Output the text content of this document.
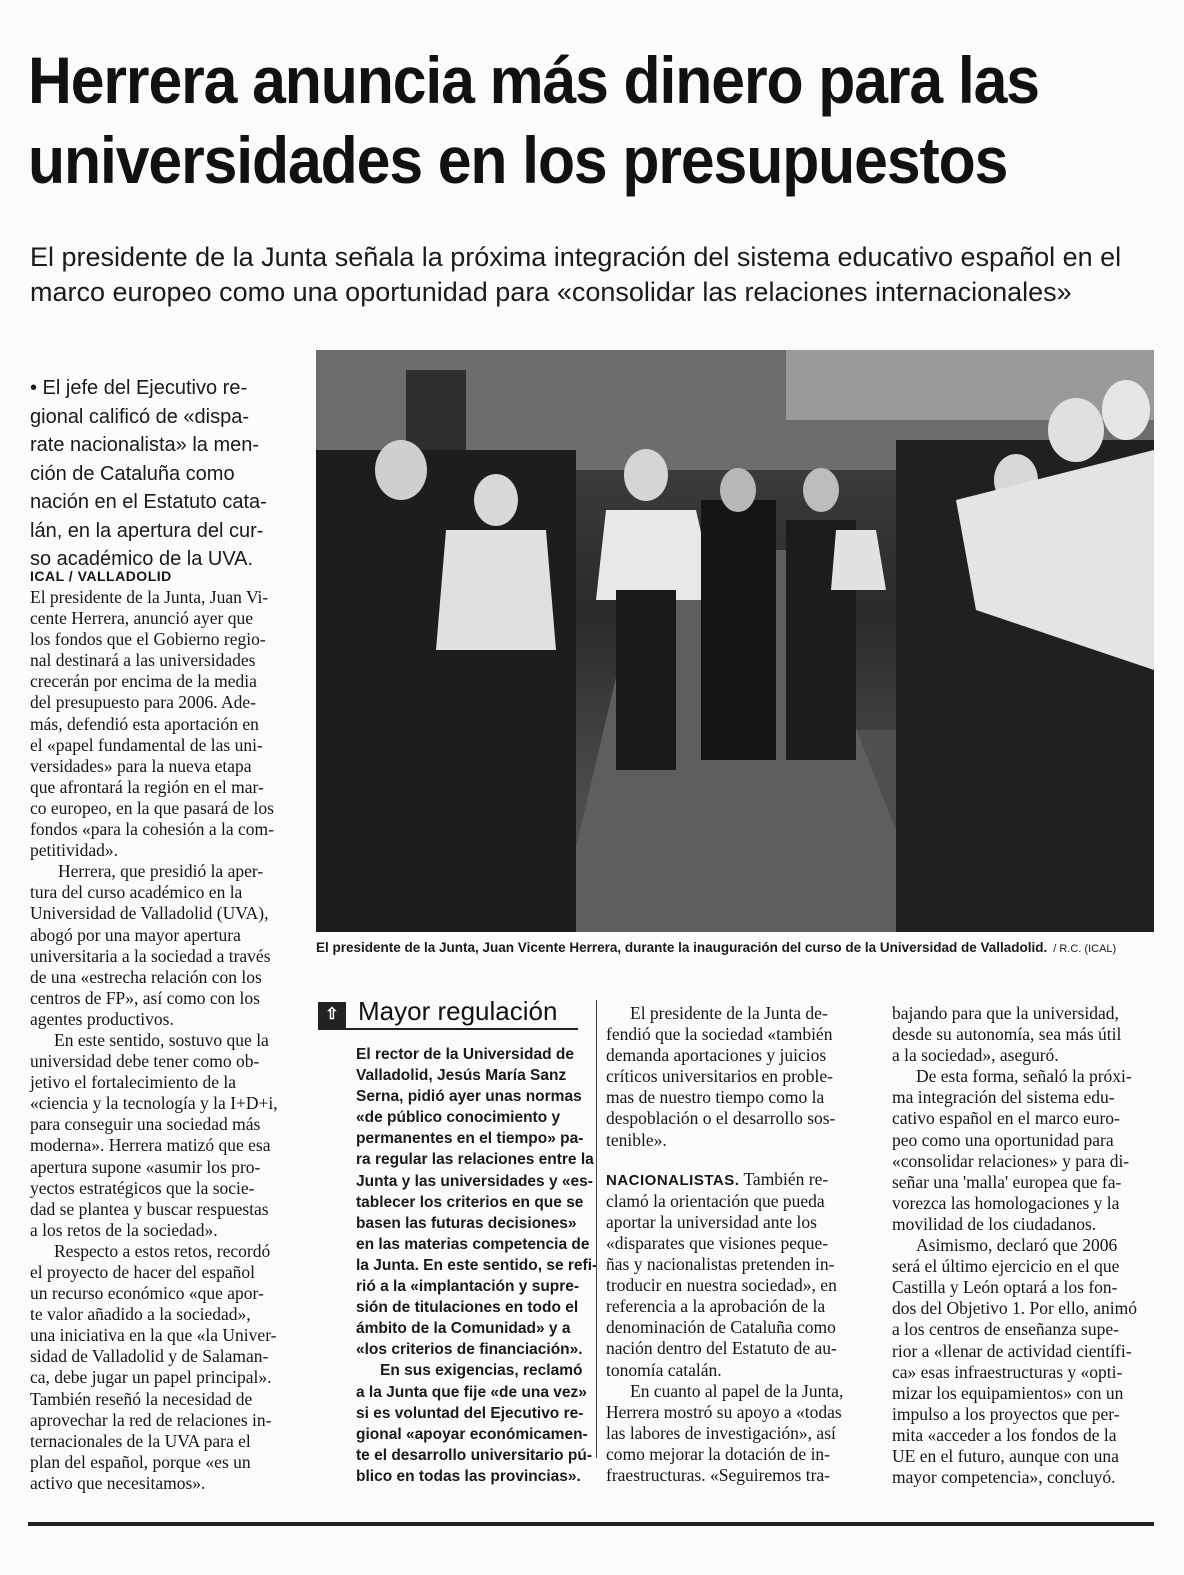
Herrera anuncia más dinero para las
universidades en los presupuestos

El presidente de la Junta señala la próxima integración del sistema educativo español en el
marco europeo como una oportunidad para «consolidar las relaciones internacionales»

• El jefe del Ejecutivo re-
gional calificó de «dispa-
rate nacionalista» la men-
ción de Cataluña como
nación en el Estatuto cata-
lán, en la apertura del cur-
so académico de la UVA.

ICAL / VALLADOLID
El presidente de la Junta, Juan Vicente Herrera, durante la inauguración del curso de la Universidad de Valladolid. / R.C. (ICAL)
El presidente de la Junta, Juan Vi-
cente Herrera, anunció ayer que
los fondos que el Gobierno regio-
nal destinará a las universidades
crecerán por encima de la media
del presupuesto para 2006. Ade-
más, defendió esta aportación en
el «papel fundamental de las uni-
versidades» para la nueva etapa
que afrontará la región en el mar-
co europeo, en la que pasará de los
fondos «para la cohesión a la com-
petitividad».
Herrera, que presidió la aper-
tura del curso académico en la
Universidad de Valladolid (UVA),
abogó por una mayor apertura
universitaria a la sociedad a través
de una «estrecha relación con los
centros de FP», así como con los
agentes productivos.
En este sentido, sostuvo que la
universidad debe tener como ob-
jetivo el fortalecimiento de la
«ciencia y la tecnología y la I+D+i,
para conseguir una sociedad más
moderna». Herrera matizó que esa
apertura supone «asumir los pro-
yectos estratégicos que la socie-
dad se plantea y buscar respuestas
a los retos de la sociedad».
Respecto a estos retos, recordó
el proyecto de hacer del español
un recurso económico «que apor-
te valor añadido a la sociedad»,
una iniciativa en la que «la Univer-
sidad de Valladolid y de Salaman-
ca, debe jugar un papel principal».
También reseñó la necesidad de
aprovechar la red de relaciones in-
ternacionales de la UVA para el
plan del español, porque «es un
activo que necesitamos».
⇧ Mayor regulación
El rector de la Universidad de
Valladolid, Jesús María Sanz
Serna, pidió ayer unas normas
«de público conocimiento y
permanentes en el tiempo» pa-
ra regular las relaciones entre la
Junta y las universidades y «es-
tablecer los criterios en que se
basen las futuras decisiones»
en las materias competencia de
la Junta. En este sentido, se refi-
rió a la «implantación y supre-
sión de titulaciones en todo el
ámbito de la Comunidad» y a
«los criterios de financiación».
En sus exigencias, reclamó
a la Junta que fije «de una vez»
si es voluntad del Ejecutivo re-
gional «apoyar económicamen-
te el desarrollo universitario pú-
blico en todas las provincias».
El presidente de la Junta de-
fendió que la sociedad «también
demanda aportaciones y juicios
críticos universitarios en proble-
mas de nuestro tiempo como la
despoblación o el desarrollo sos-
tenible».
NACIONALISTAS. También re-
clamó la orientación que pueda
aportar la universidad ante los
«disparates que visiones peque-
ñas y nacionalistas pretenden in-
troducir en nuestra sociedad», en
referencia a la aprobación de la
denominación de Cataluña como
nación dentro del Estatuto de au-
tonomía catalán.
En cuanto al papel de la Junta,
Herrera mostró su apoyo a «todas
las labores de investigación», así
como mejorar la dotación de in-
fraestructuras. «Seguiremos tra-
bajando para que la universidad,
desde su autonomía, sea más útil
a la sociedad», aseguró.
De esta forma, señaló la próxi-
ma integración del sistema edu-
cativo español en el marco euro-
peo como una oportunidad para
«consolidar relaciones» y para di-
señar una 'malla' europea que fa-
vorezca las homologaciones y la
movilidad de los ciudadanos.
Asimismo, declaró que 2006
será el último ejercicio en el que
Castilla y León optará a los fon-
dos del Objetivo 1. Por ello, animó
a los centros de enseñanza supe-
rior a «llenar de actividad científi-
ca» esas infraestructuras y «opti-
mizar los equipamientos» con un
impulso a los proyectos que per-
mita «acceder a los fondos de la
UE en el futuro, aunque con una
mayor competencia», concluyó.
